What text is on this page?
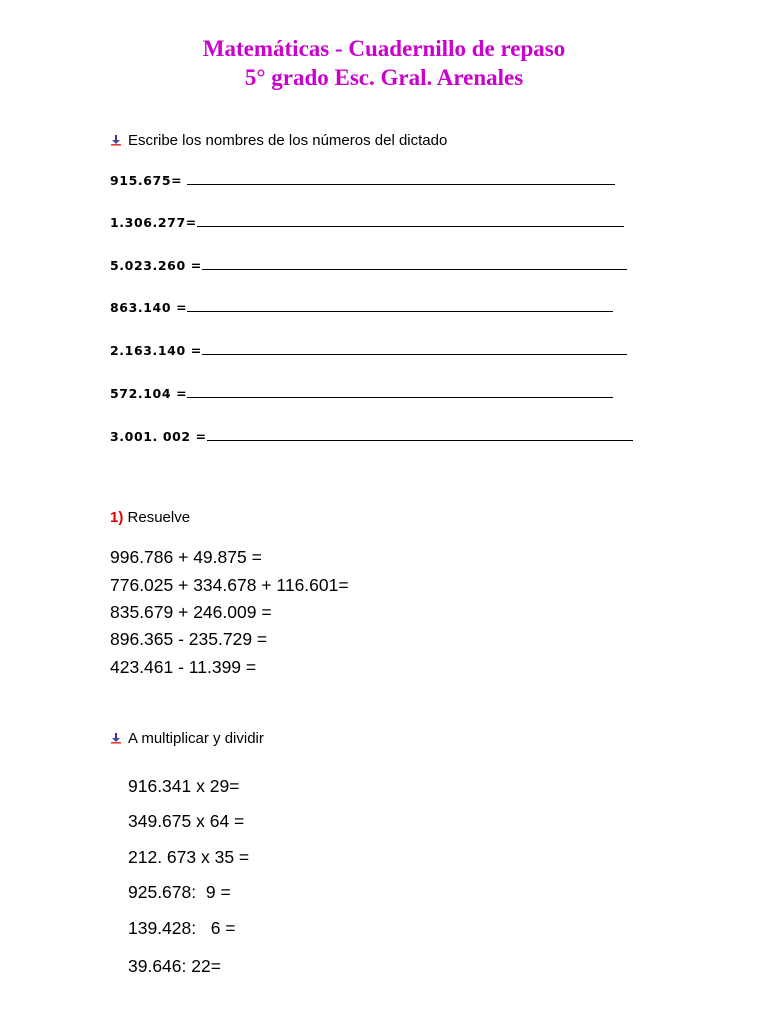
Matemáticas - Cuadernillo de repaso
5° grado Esc. Gral. Arenales
Escribe los nombres de los números del dictado
915.675=
1.306.277=
5.023.260 =
863.140 =
2.163.140 =
572.104 =
3.001. 002 =
1) Resuelve
996.786 + 49.875 =
776.025 + 334.678 + 116.601=
835.679 + 246.009 =
896.365 - 235.729 =
423.461 - 11.399 =
A multiplicar y dividir
916.341 x 29=
349.675 x 64 =
212. 673 x 35 =
925.678:  9 =
139.428:   6 =
39.646: 22=
